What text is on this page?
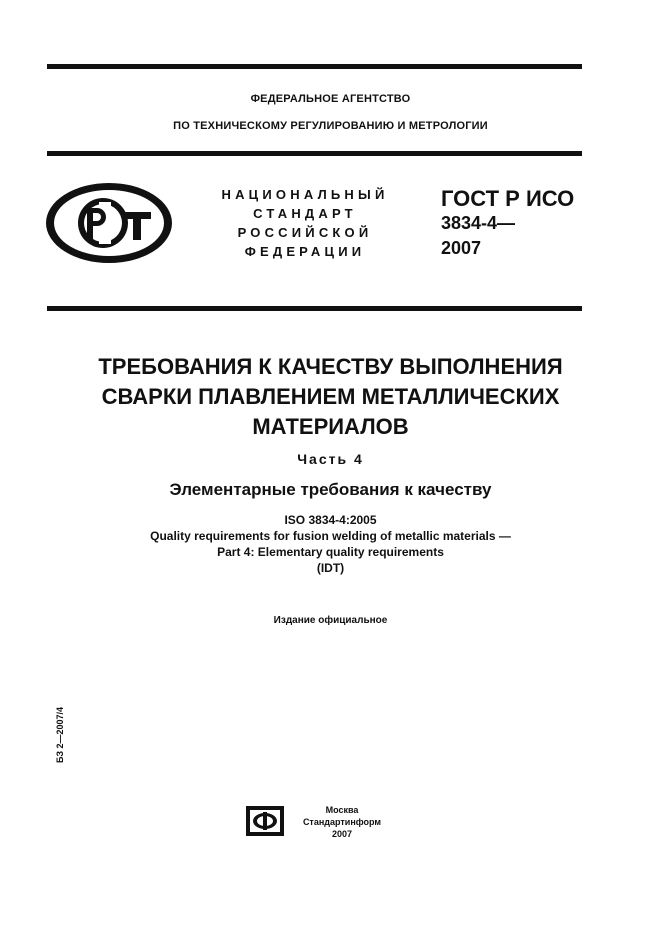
ФЕДЕРАЛЬНОЕ АГЕНТСТВО
ПО ТЕХНИЧЕСКОМУ РЕГУЛИРОВАНИЮ И МЕТРОЛОГИИ
НАЦИОНАЛЬНЫЙ
СТАНДАРТ
РОССИЙСКОЙ
ФЕДЕРАЦИИ
ГОСТ Р ИСО
3834-4—
2007
ТРЕБОВАНИЯ К КАЧЕСТВУ ВЫПОЛНЕНИЯ
СВАРКИ ПЛАВЛЕНИЕМ МЕТАЛЛИЧЕСКИХ
МАТЕРИАЛОВ
Часть 4
Элементарные требования к качеству
ISO 3834-4:2005
Quality requirements for fusion welding of metallic materials —
Part 4: Elementary quality requirements
(IDT)
Издание официальное
БЗ 2—2007/4
Москва
Стандартинформ
2007
